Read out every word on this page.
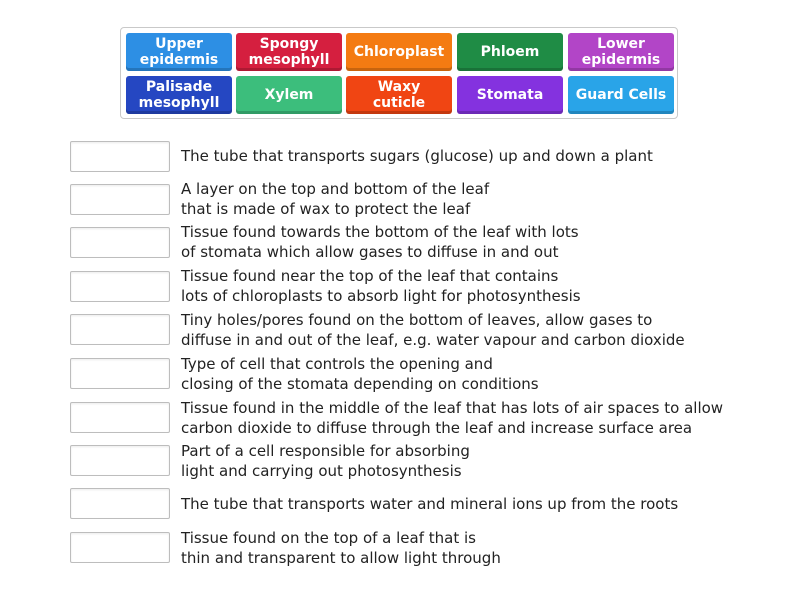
Upper
epidermis
Spongy
mesophyll Chloroplast	Phloem	Lower
epidermis
Palisade
mesophyll	Xylem	Waxy cuticle	Stomata Guard Cells
The tube that transports sugars (glucose) up and down a plant
A layer on the top and bottom of the leaf
that is made of wax to protect the leaf
Tissue found towards the bottom of the leaf with lots
of stomata which allow gases to diffuse in and out
Tissue found near the top of the leaf that contains
lots of chloroplasts to absorb light for photosynthesis
Tiny holes/pores found on the bottom of leaves, allow gases to
diffuse in and out of the leaf, e.g. water vapour and carbon dioxide
Type of cell that controls the opening and
closing of the stomata depending on conditions
Tissue found in the middle of the leaf that has lots of air spaces to allow
carbon dioxide to diffuse through the leaf and increase surface area
Part of a cell responsible for absorbing
light and carrying out photosynthesis
The tube that transports water and mineral ions up from the roots
Tissue found on the top of a leaf that is
thin and transparent to allow light through
